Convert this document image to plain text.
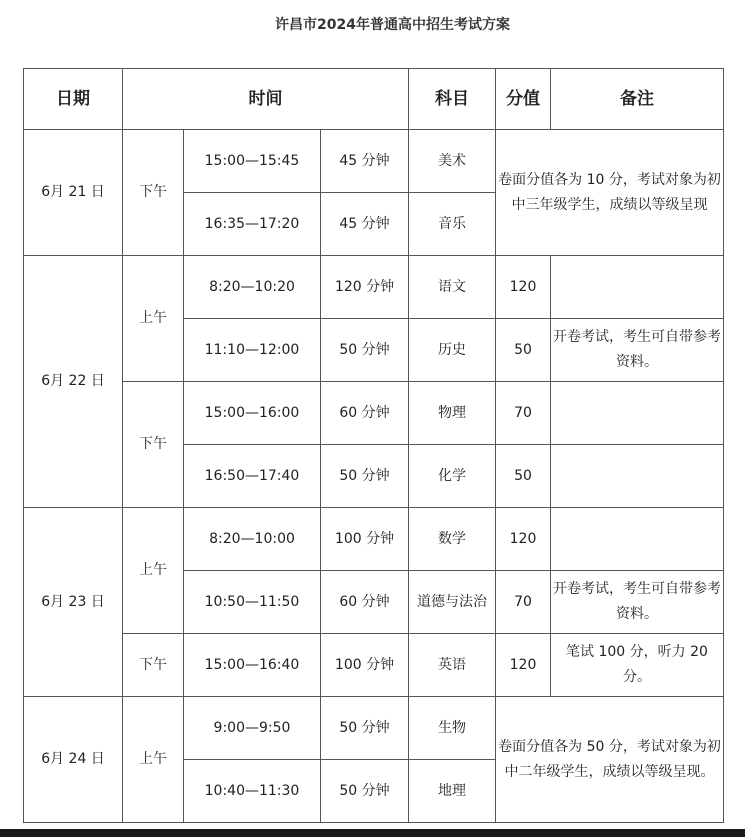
许昌市2024年普通高中招生考试方案
日期	时间			科目	分值	备注
6月 21 日	下午	15:00—15:45	45 分钟	美术	卷面分值各为 10 分，考试对象为初中三年级学生，成绩以等级呈现	
		16:35—17:20	45 分钟	音乐		
6月 22 日	上午	8:20—10:20	120 分钟	语文	120	
		11:10—12:00	50 分钟	历史	50	开卷考试，考生可自带参考资料。
	下午	15:00—16:00	60 分钟	物理	70	
		16:50—17:40	50 分钟	化学	50	
6月 23 日	上午	8:20—10:00	100 分钟	数学	120	
		10:50—11:50	60 分钟	道德与法治	70	开卷考试，考生可自带参考资料。
	下午	15:00—16:40	100 分钟	英语	120	笔试 100 分，听力 20 分。
6月 24 日	上午	9:00—9:50	50 分钟	生物	卷面分值各为 50 分，考试对象为初中二年级学生，成绩以等级呈现。	
		10:40—11:30	50 分钟	地理		
